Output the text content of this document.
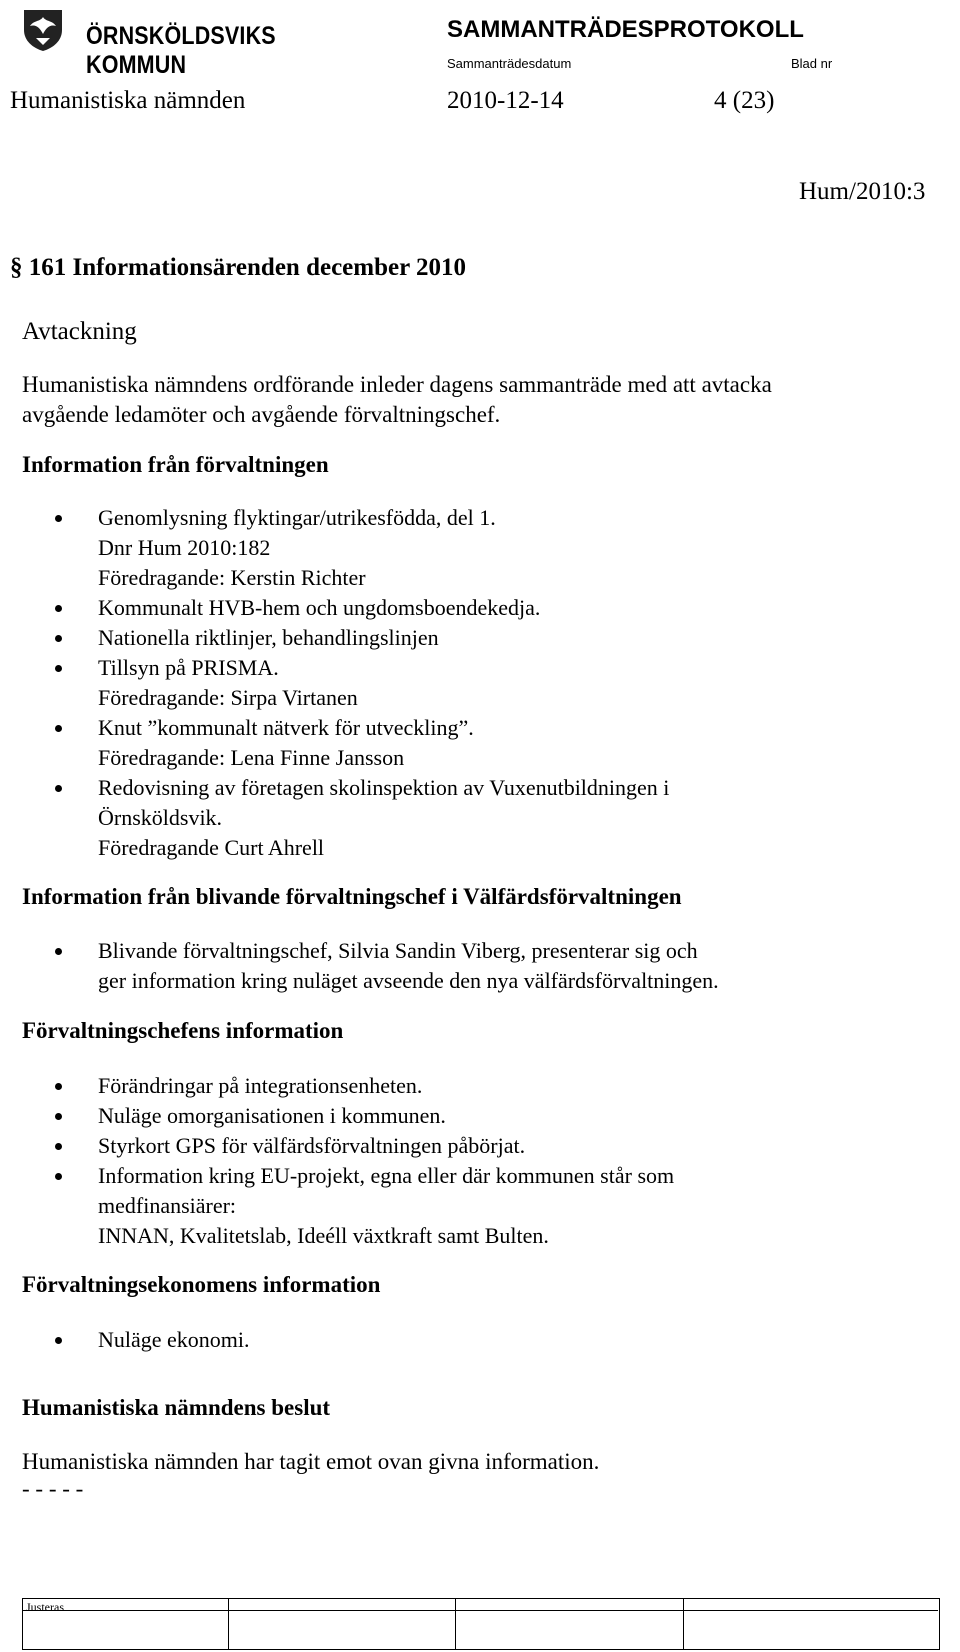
ÖRNSKÖLDSVIKS KOMMUN
SAMMANTRÄDESPROTOKOLL
Sammanträdesdatum	Blad nr
Humanistiska nämnden	2010-12-14	4 (23)
Hum/2010:3
§ 161 Informationsärenden december 2010
Avtackning
Humanistiska nämndens ordförande inleder dagens sammanträde med att avtacka
avgående ledamöter och avgående förvaltningschef.
Information från förvaltningen
Genomlysning flyktingar/utrikesfödda, del 1.
Dnr Hum 2010:182
Föredragande: Kerstin Richter
Kommunalt HVB-hem och ungdomsboendekedja.
Nationella riktlinjer, behandlingslinjen
Tillsyn på PRISMA.
Föredragande: Sirpa Virtanen
Knut ”kommunalt nätverk för utveckling”.
Föredragande: Lena Finne Jansson
Redovisning av företagen skolinspektion av Vuxenutbildningen i
Örnsköldsvik.
Föredragande Curt Ahrell
Information från blivande förvaltningschef i Välfärdsförvaltningen
Blivande förvaltningschef, Silvia Sandin Viberg, presenterar sig och
ger information kring nuläget avseende den nya välfärdsförvaltningen.
Förvaltningschefens information
Förändringar på integrationsenheten.
Nuläge omorganisationen i kommunen.
Styrkort GPS för välfärdsförvaltningen påbörjat.
Information kring EU-projekt, egna eller där kommunen står som
medfinansiärer:
INNAN, Kvalitetslab, Ideéll växtkraft samt Bulten.
Förvaltningsekonomens information
Nuläge ekonomi.
Humanistiska nämndens beslut
Humanistiska nämnden har tagit emot ovan givna information.
- - - - -
Justeras
